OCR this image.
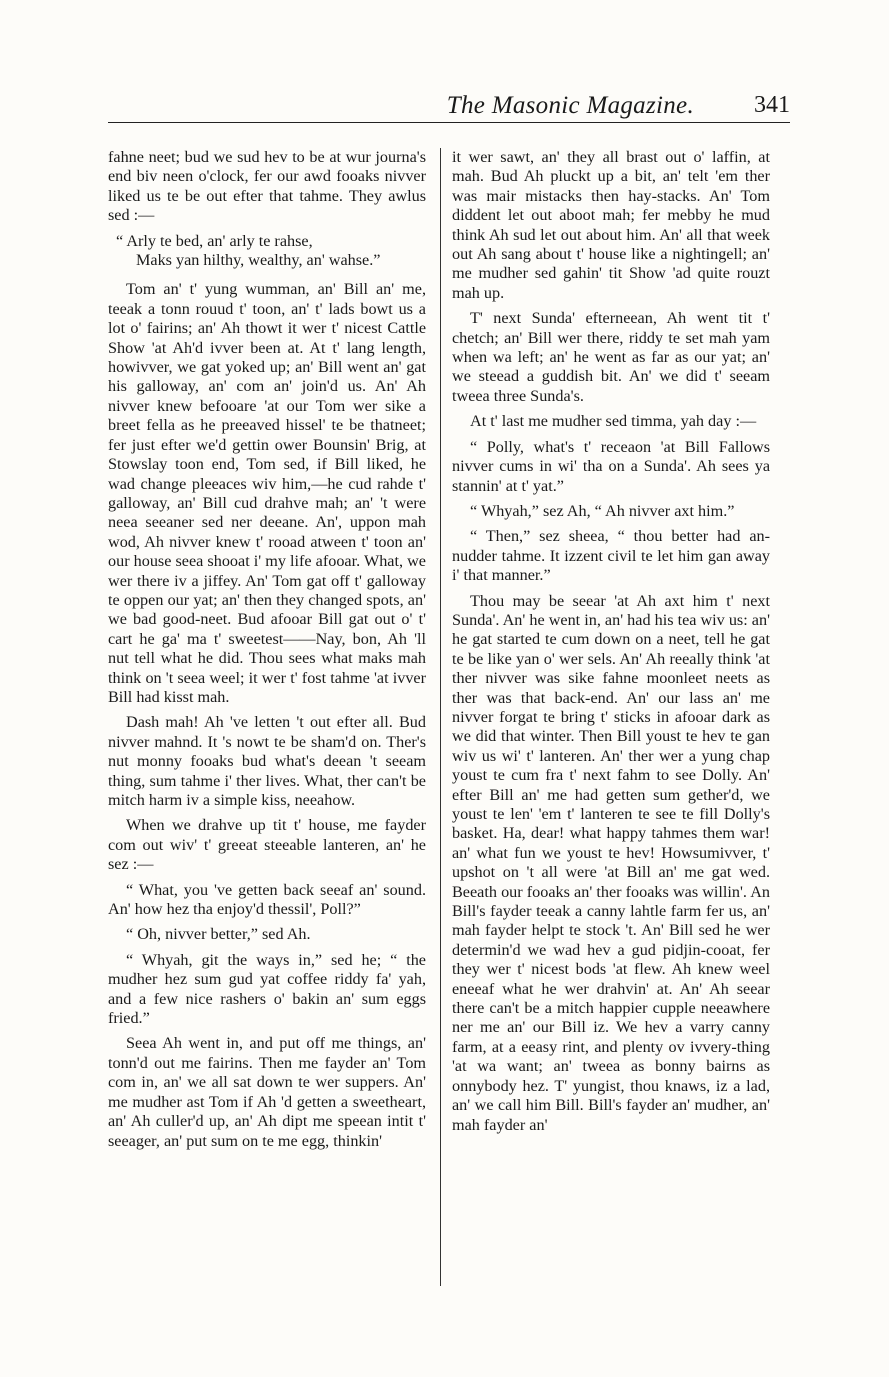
The Masonic Magazine.	341

fahne neet; bud we sud hev to be at wur journa's end biv neen o'clock, fer our awd fooaks nivver liked us te be out efter that tahme. They awlus sed :—

“ Arly te bed, an' arly te rahse,
Maks yan hilthy, wealthy, an' wahse.”

Tom an' t' yung wumman, an' Bill an' me, teeak a tonn rouud t' toon, an' t' lads bowt us a lot o' fairins; an' Ah thowt it wer t' nicest Cattle Show 'at Ah'd ivver been at. At t' lang length, howivver, we gat yoked up; an' Bill went an' gat his galloway, an' com an' join'd us. An' Ah nivver knew befooare 'at our Tom wer sike a breet fella as he preeaved hissel' te be thatneet; fer just efter we'd gettin ower Bounsin' Brig, at Stowslay toon end, Tom sed, if Bill liked, he wad change pleeaces wiv him,—he cud rahde t' galloway, an' Bill cud drahve mah; an' 't were neea seeaner sed ner deeane. An', uppon mah wod, Ah nivver knew t' rooad atween t' toon an' our house seea shooat i' my life afooar. What, we wer there iv a jiffey. An' Tom gat off t' galloway te oppen our yat; an' then they changed spots, an' we bad good-neet. Bud afooar Bill gat out o' t' cart he ga' ma t' sweetest——Nay, bon, Ah 'll nut tell what he did. Thou sees what maks mah think on 't seea weel; it wer t' fost tahme 'at ivver Bill had kisst mah.

Dash mah! Ah 've letten 't out efter all. Bud nivver mahnd. It 's nowt te be sham'd on. Ther's nut monny fooaks bud what's deean 't seeam thing, sum tahme i' ther lives. What, ther can't be mitch harm iv a simple kiss, neeahow.

When we drahve up tit t' house, me fayder com out wiv' t' greeat steeable lanteren, an' he sez :—

“ What, you 've getten back seeaf an' sound. An' how hez tha enjoy'd thessil', Poll?”

“ Oh, nivver better,” sed Ah.

“ Whyah, git the ways in,” sed he; “ the mudher hez sum gud yat coffee riddy fa' yah, and a few nice rashers o' bakin an' sum eggs fried.”

Seea Ah went in, and put off me things, an' tonn'd out me fairins. Then me fayder an' Tom com in, an' we all sat down te wer suppers. An' me mudher ast Tom if Ah 'd getten a sweetheart, an' Ah culler'd up, an' Ah dipt me speean intit t' seeager, an' put sum on te me egg, thinkin'

it wer sawt, an' they all brast out o' laffin, at mah. Bud Ah pluckt up a bit, an' telt 'em ther was mair mistacks then hay-stacks. An' Tom diddent let out aboot mah; fer mebby he mud think Ah sud let out about him. An' all that week out Ah sang about t' house like a nightingell; an' me mudher sed gahin' tit Show 'ad quite rouzt mah up.

T' next Sunda' efterneean, Ah went tit t' chetch; an' Bill wer there, riddy te set mah yam when wa left; an' he went as far as our yat; an' we steead a guddish bit. An' we did t' seeam tweea three Sunda's.

At t' last me mudher sed timma, yah day :—

“ Polly, what's t' receaon 'at Bill Fallows nivver cums in wi' tha on a Sunda'. Ah sees ya stannin' at t' yat.”

“ Whyah,” sez Ah, “ Ah nivver axt him.”

“ Then,” sez sheea, “ thou better had an-nudder tahme. It izzent civil te let him gan away i' that manner.”

Thou may be seear 'at Ah axt him t' next Sunda'. An' he went in, an' had his tea wiv us: an' he gat started te cum down on a neet, tell he gat te be like yan o' wer sels. An' Ah reeally think 'at ther nivver was sike fahne moonleet neets as ther was that back-end. An' our lass an' me nivver forgat te bring t' sticks in afooar dark as we did that winter. Then Bill youst te hev te gan wiv us wi' t' lanteren. An' ther wer a yung chap youst te cum fra t' next fahm to see Dolly. An' efter Bill an' me had getten sum gether'd, we youst te len' 'em t' lanteren te see te fill Dolly's basket. Ha, dear! what happy tahmes them war! an' what fun we youst te hev! Howsumivver, t' upshot on 't all were 'at Bill an' me gat wed. Beeath our fooaks an' ther fooaks was willin'. An Bill's fayder teeak a canny lahtle farm fer us, an' mah fayder helpt te stock 't. An' Bill sed he wer determin'd we wad hev a gud pidjin-cooat, fer they wer t' nicest bods 'at flew. Ah knew weel eneeaf what he wer drahvin' at. An' Ah seear there can't be a mitch happier cupple neeawhere ner me an' our Bill iz. We hev a varry canny farm, at a eeasy rint, and plenty ov ivvery-thing 'at wa want; an' tweea as bonny bairns as onnybody hez. T' yungist, thou knaws, iz a lad, an' we call him Bill. Bill's fayder an' mudher, an' mah fayder an'
